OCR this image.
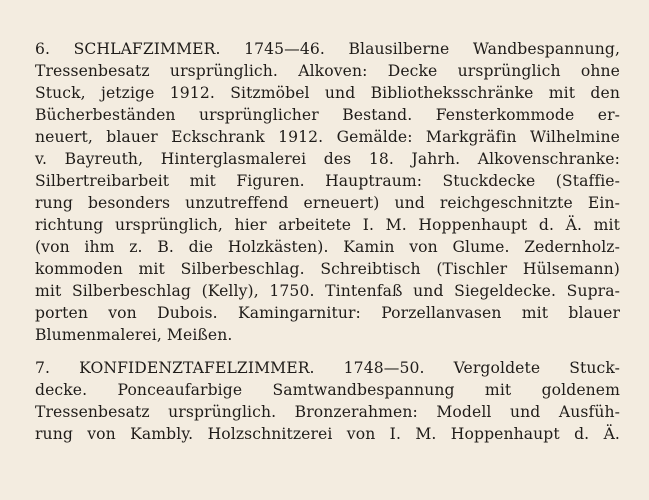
6. SCHLAFZIMMER. 1745—46. Blausilberne Wandbespannung,
Tressenbesatz ursprünglich. Alkoven: Decke ursprünglich ohne
Stuck, jetzige 1912. Sitzmöbel und Bibliotheksschränke mit den
Bücherbeständen ursprünglicher Bestand. Fensterkommode er-
neuert, blauer Eckschrank 1912. Gemälde: Markgräfin Wilhelmine
v. Bayreuth, Hinterglasmalerei des 18. Jahrh. Alkovenschranke:
Silbertreibarbeit mit Figuren. Hauptraum: Stuckdecke (Staffie-
rung besonders unzutreffend erneuert) und reichgeschnitzte Ein-
richtung ursprünglich, hier arbeitete I. M. Hoppenhaupt d. Ä. mit
(von ihm z. B. die Holzkästen). Kamin von Glume. Zedernholz-
kommoden mit Silberbeschlag. Schreibtisch (Tischler Hülsemann)
mit Silberbeschlag (Kelly), 1750. Tintenfaß und Siegeldecke. Supra-
porten von Dubois. Kamingarnitur: Porzellanvasen mit blauer
Blumenmalerei, Meißen.
7. KONFIDENZTAFELZIMMER. 1748—50. Vergoldete Stuck-
decke. Ponceaufarbige Samtwandbespannung mit goldenem
Tressenbesatz ursprünglich. Bronzerahmen: Modell und Ausfüh-
rung von Kambly. Holzschnitzerei von I. M. Hoppenhaupt d. Ä.
